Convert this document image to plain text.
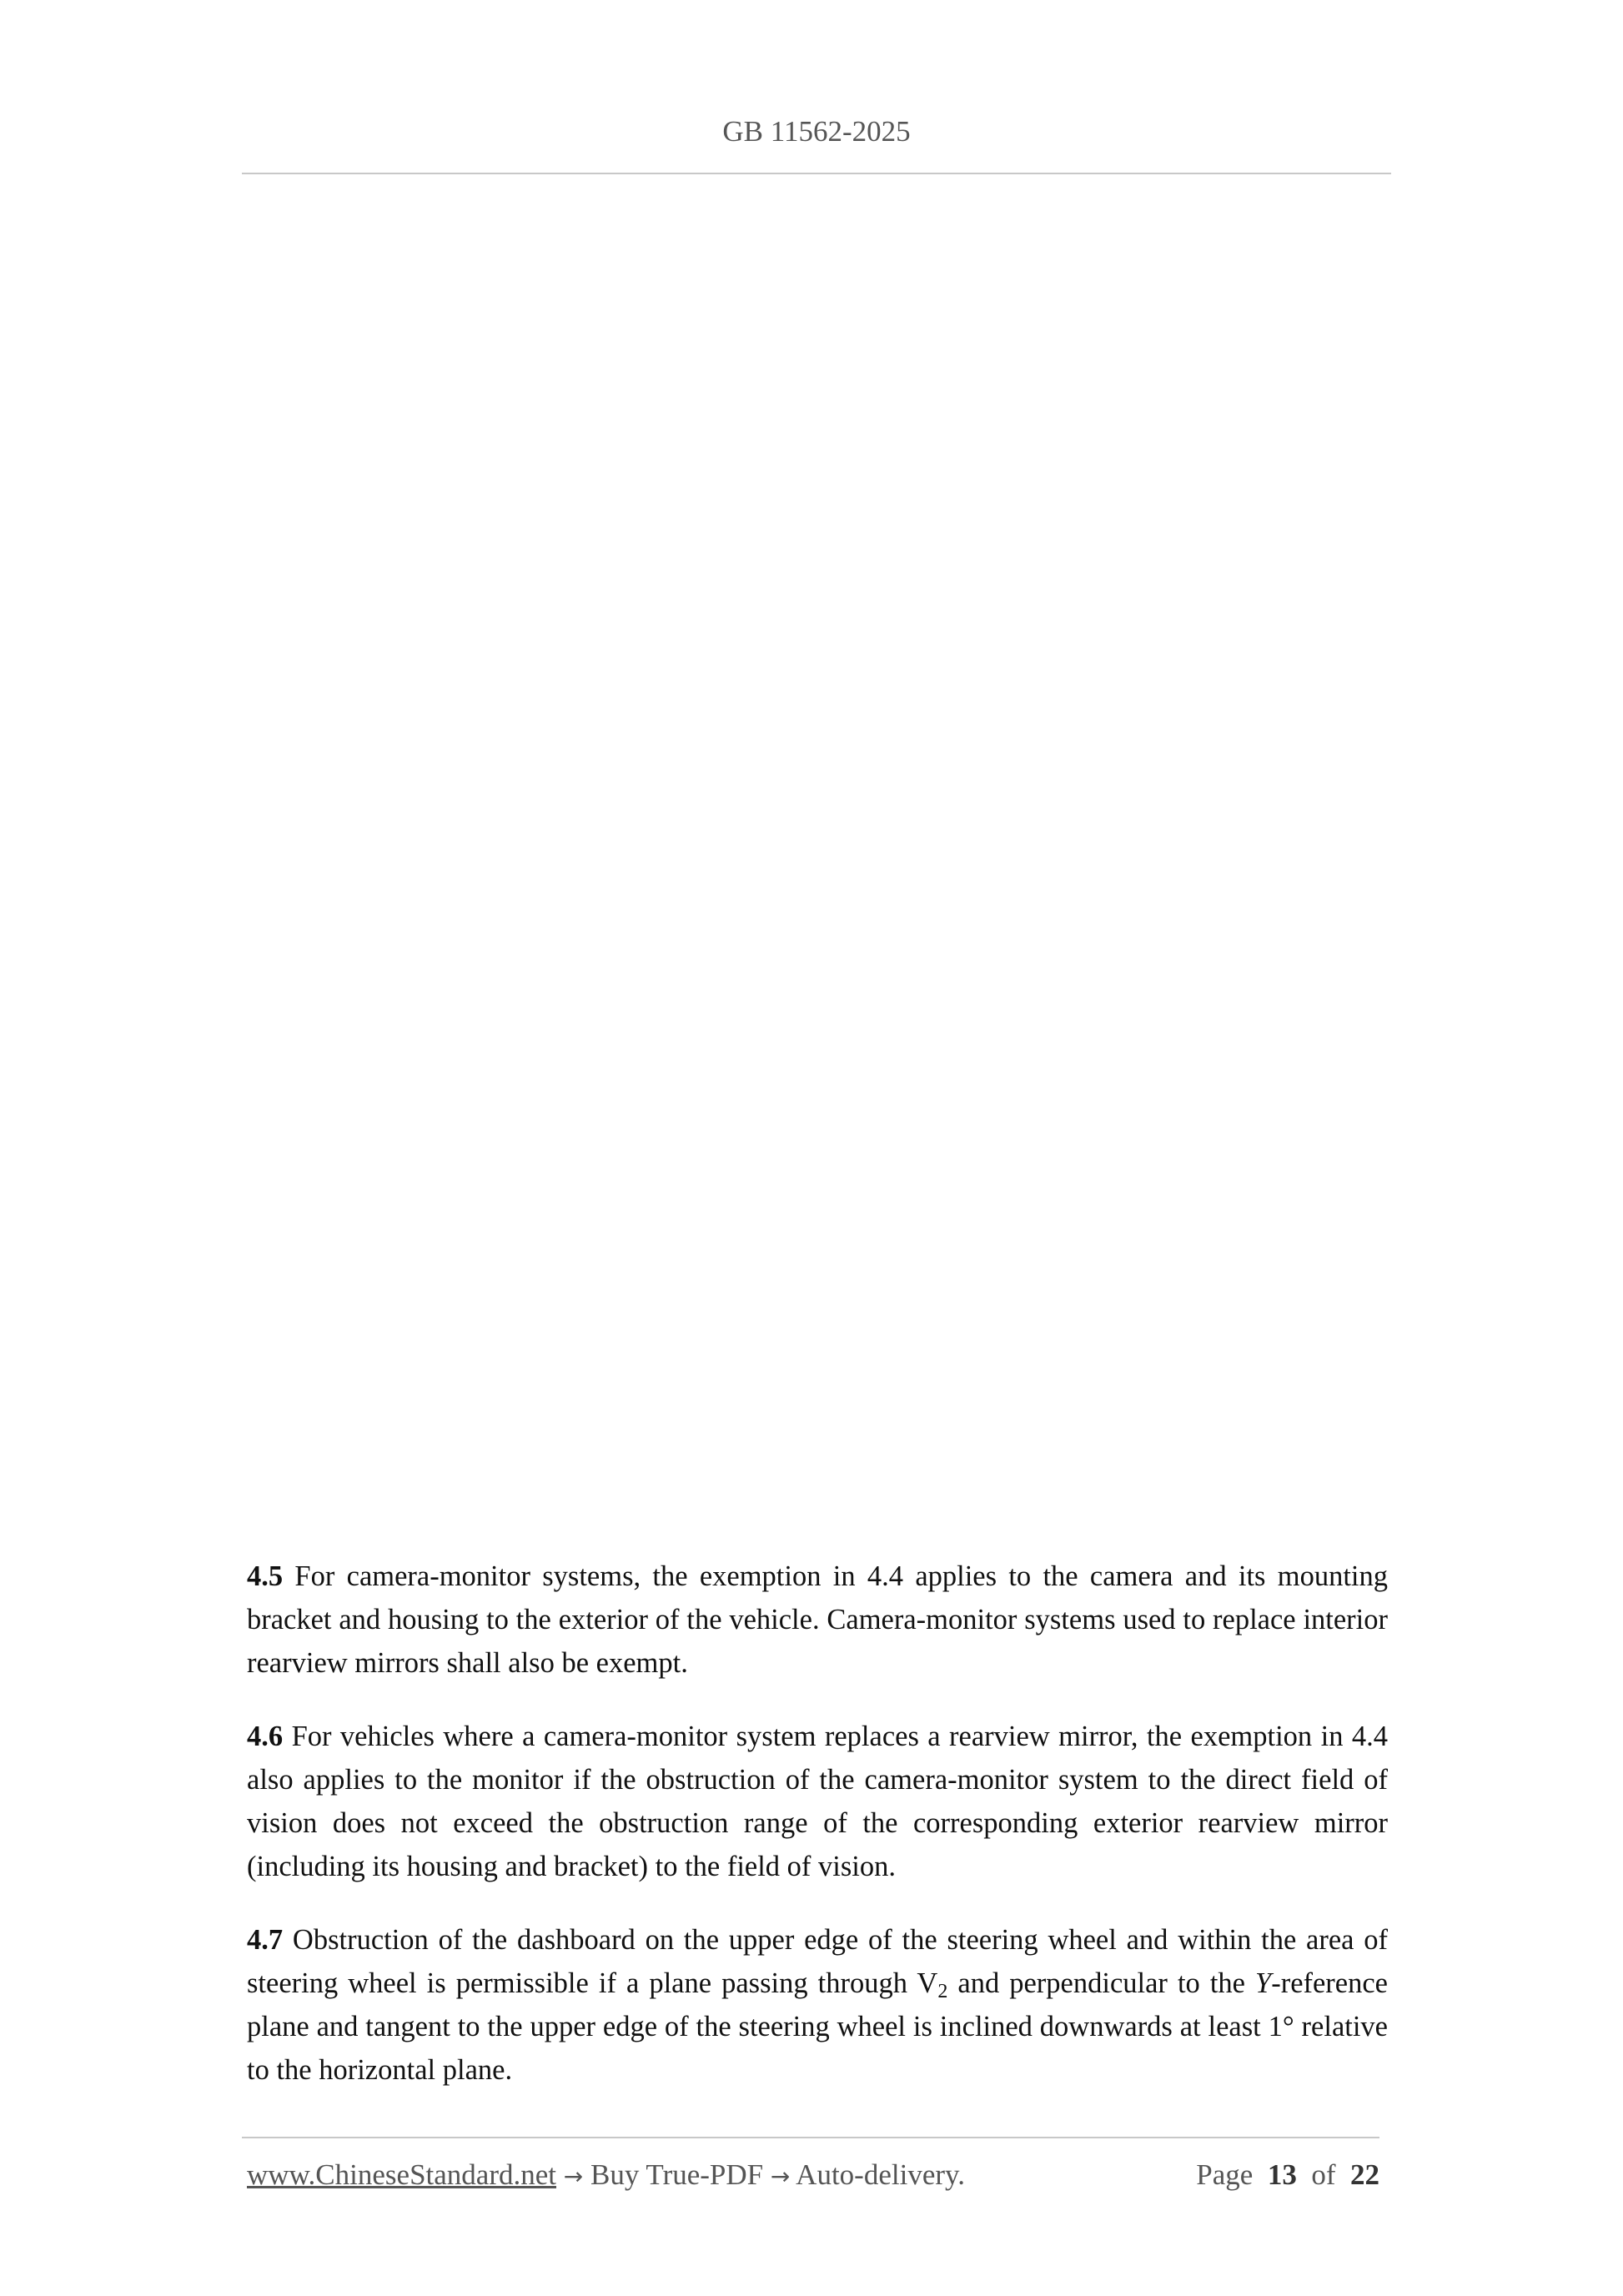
GB 11562-2025

4.5 For camera-monitor systems, the exemption in 4.4 applies to the camera and its mounting bracket and housing to the exterior of the vehicle. Camera-monitor systems used to replace interior rearview mirrors shall also be exempt.

4.6 For vehicles where a camera-monitor system replaces a rearview mirror, the exemption in 4.4 also applies to the monitor if the obstruction of the camera-monitor system to the direct field of vision does not exceed the obstruction range of the corresponding exterior rearview mirror (including its housing and bracket) to the field of vision.

4.7 Obstruction of the dashboard on the upper edge of the steering wheel and within the area of steering wheel is permissible if a plane passing through $V_2$ and perpendicular to the Y-reference plane and tangent to the upper edge of the steering wheel is inclined downwards at least 1° relative to the horizontal plane.

www.ChineseStandard.net → Buy True-PDF → Auto-delivery.	Page 13 of 22
